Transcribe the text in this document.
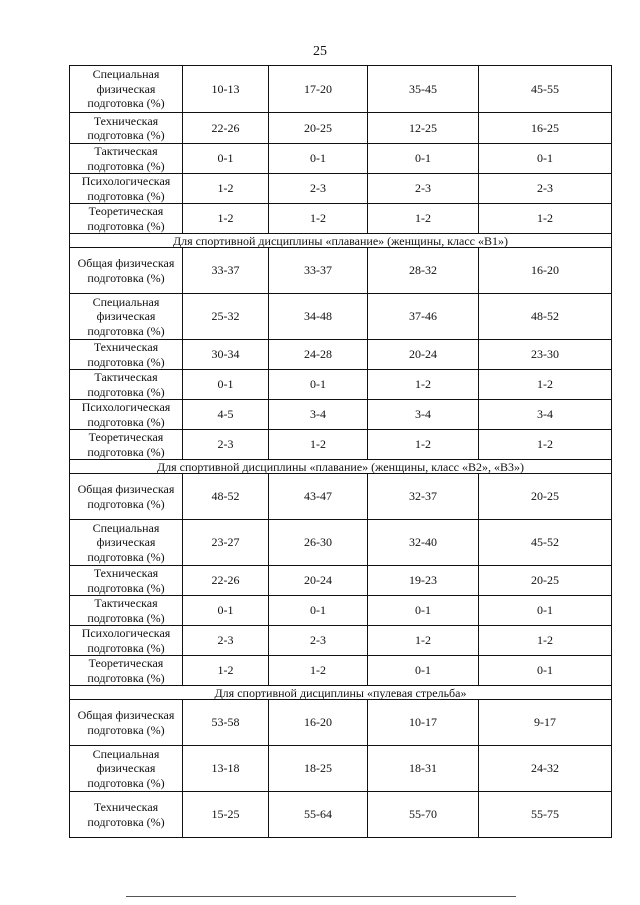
25
Специальная физическая подготовка (%)	10-13	17-20	35-45	45-55
Техническая подготовка (%)	22-26	20-25	12-25	16-25
Тактическая подготовка (%)	0-1	0-1	0-1	0-1
Психологическая подготовка (%)	1-2	2-3	2-3	2-3
Теоретическая подготовка (%)	1-2	1-2	1-2	1-2
Для спортивной дисциплины «плавание» (женщины, класс «В1»)				
Общая физическая подготовка (%)	33-37	33-37	28-32	16-20
Специальная физическая подготовка (%)	25-32	34-48	37-46	48-52
Техническая подготовка (%)	30-34	24-28	20-24	23-30
Тактическая подготовка (%)	0-1	0-1	1-2	1-2
Психологическая подготовка (%)	4-5	3-4	3-4	3-4
Теоретическая подготовка (%)	2-3	1-2	1-2	1-2
Для спортивной дисциплины «плавание» (женщины, класс «В2», «В3»)				
Общая физическая подготовка (%)	48-52	43-47	32-37	20-25
Специальная физическая подготовка (%)	23-27	26-30	32-40	45-52
Техническая подготовка (%)	22-26	20-24	19-23	20-25
Тактическая подготовка (%)	0-1	0-1	0-1	0-1
Психологическая подготовка (%)	2-3	2-3	1-2	1-2
Теоретическая подготовка (%)	1-2	1-2	0-1	0-1
Для спортивной дисциплины «пулевая стрельба»				
Общая физическая подготовка (%)	53-58	16-20	10-17	9-17
Специальная физическая подготовка (%)	13-18	18-25	18-31	24-32
Техническая подготовка (%)	15-25	55-64	55-70	55-75
